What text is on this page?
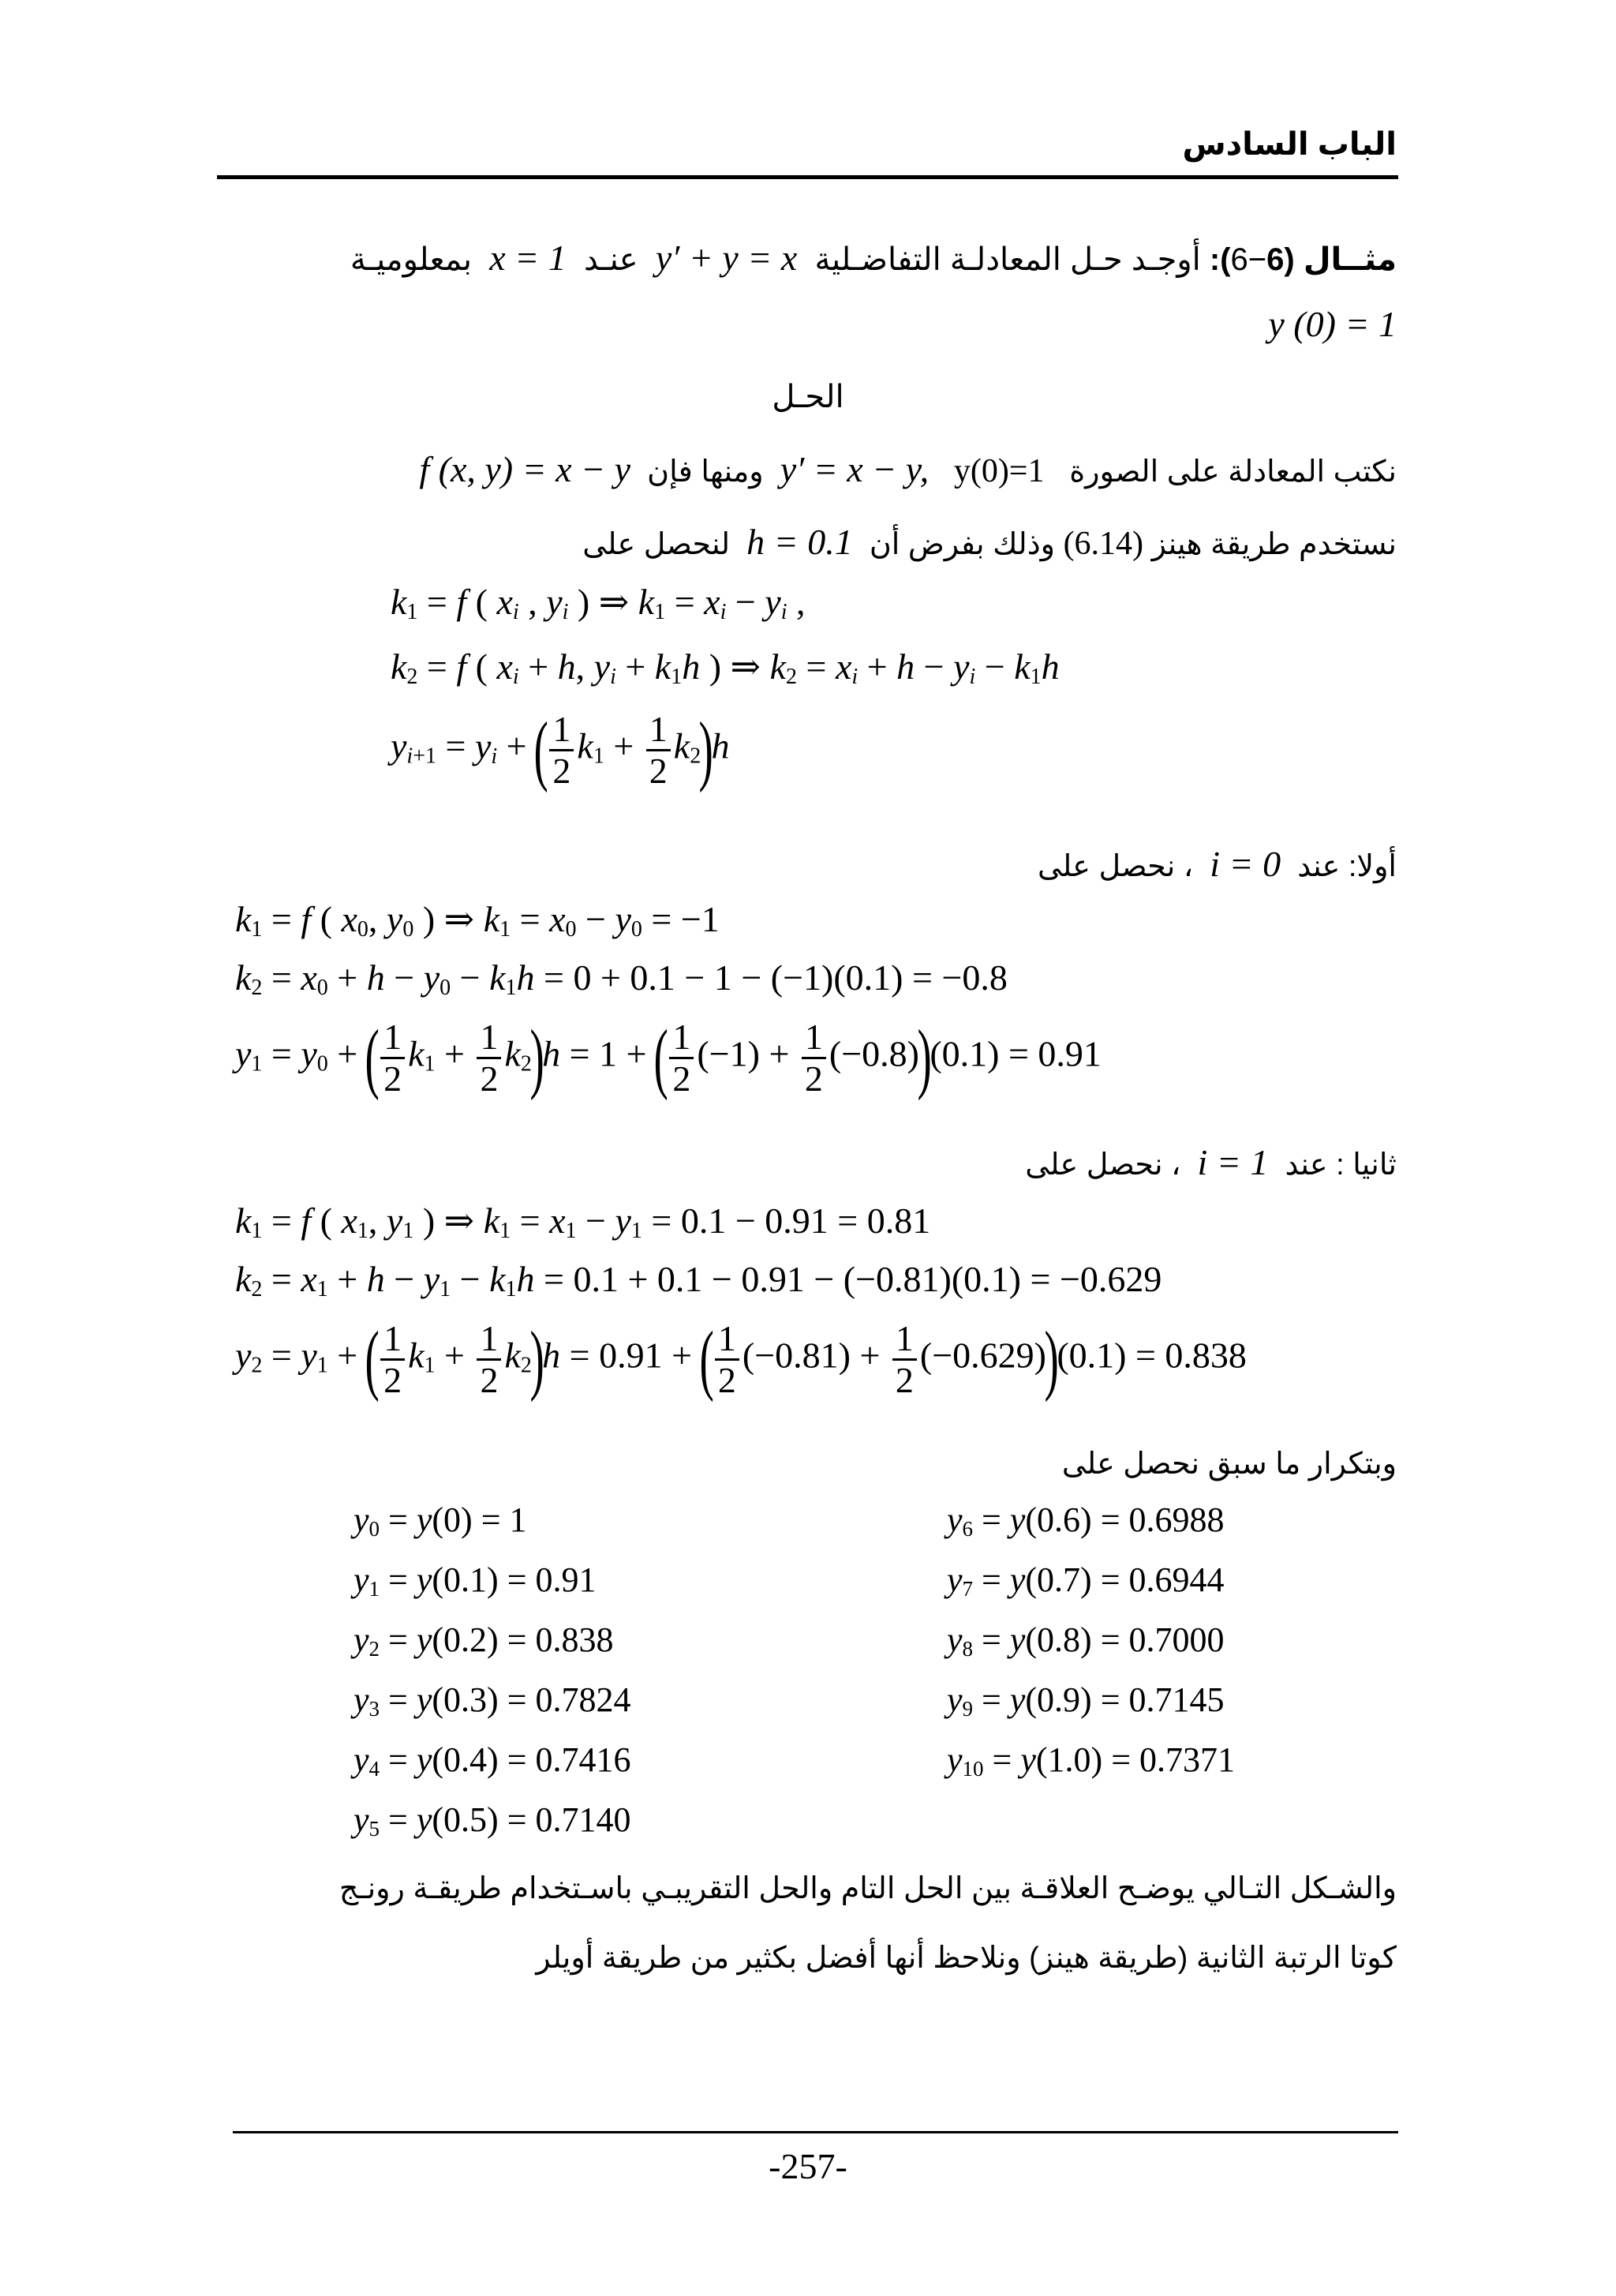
الباب السادس
مثــال (6−6): أوجـد حـل المعادلـة التفاضـلية  y′ + y = x  عنـد  x = 1  بمعلوميـة
y (0) = 1
الحـل
نكتب المعادلة على الصورة   y(0)=1   y′ = x − y,  ومنها فإن  f (x, y) = x − y
نستخدم طريقة هينز (6.14) وذلك بفرض أن  h = 0.1  لنحصل على
$k_1 = f$ ( $x_i$ , $y_i$ ) ⇒ $k_1 = x_i - y_i$ ,
$k_2 = f$ ( $x_i + h$, $y_i + k_1h$ ) ⇒ $k_2 = x_i + h - y_i - k_1h$
$y_{i+1} = y_i$ + ( $\frac{1}{2} k_1 + \frac{1}{2} k_2)h$
أولا: عند  i = 0  ، نحصل على
$k_1 = f$ ( $x_0$, $y_0$ ) ⇒ $k_1 = x_0 - y_0 = -1$
$k_2 = x_0 + h - y_0 - k_1h = 0 + 0.1 - 1 - (-1)(0.1) = -0.8$
$y_1 = y_0$ + ( $\frac{1}{2} k_1 + \frac{1}{2} k_2)h = 1$ + ( $\frac{1}{2} (-1) + \frac{1}{2} (-0.8))(0.1) = 0.91$
ثانيا : عند  i = 1  ، نحصل على
$k_1 = f$ ( $x_1$, $y_1$ ) ⇒ $k_1 = x_1 - y_1 = 0.1 - 0.91 = 0.81$
$k_2 = x_1 + h - y_1 - k_1h = 0.1 + 0.1 - 0.91 - (-0.81)(0.1) = -0.629$
$y_2 = y_1$ + ( $\frac{1}{2} k_1 + \frac{1}{2} k_2)h = 0.91$ + ( $\frac{1}{2} (-0.81) + \frac{1}{2} (-0.629))(0.1) = 0.838$
وبتكرار ما سبق نحصل على
$y_0 = y(0) = 1$
$y_1 = y(0.1) = 0.91$
$y_2 = y(0.2) = 0.838$
$y_3 = y(0.3) = 0.7824$
$y_4 = y(0.4) = 0.7416$
$y_5 = y(0.5) = 0.7140$
$y_6 = y(0.6) = 0.6988$
$y_7 = y(0.7) = 0.6944$
$y_8 = y(0.8) = 0.7000$
$y_9 = y(0.9) = 0.7145$
$y_{10} = y(1.0) = 0.7371$
والشـكل التـالي يوضـح العلاقـة بين الحل التام والحل التقريبـي باسـتخدام طريقـة رونـج
كوتا الرتبة الثانية (طريقة هينز) ونلاحظ أنها أفضل بكثير من طريقة أويلر
-257-
